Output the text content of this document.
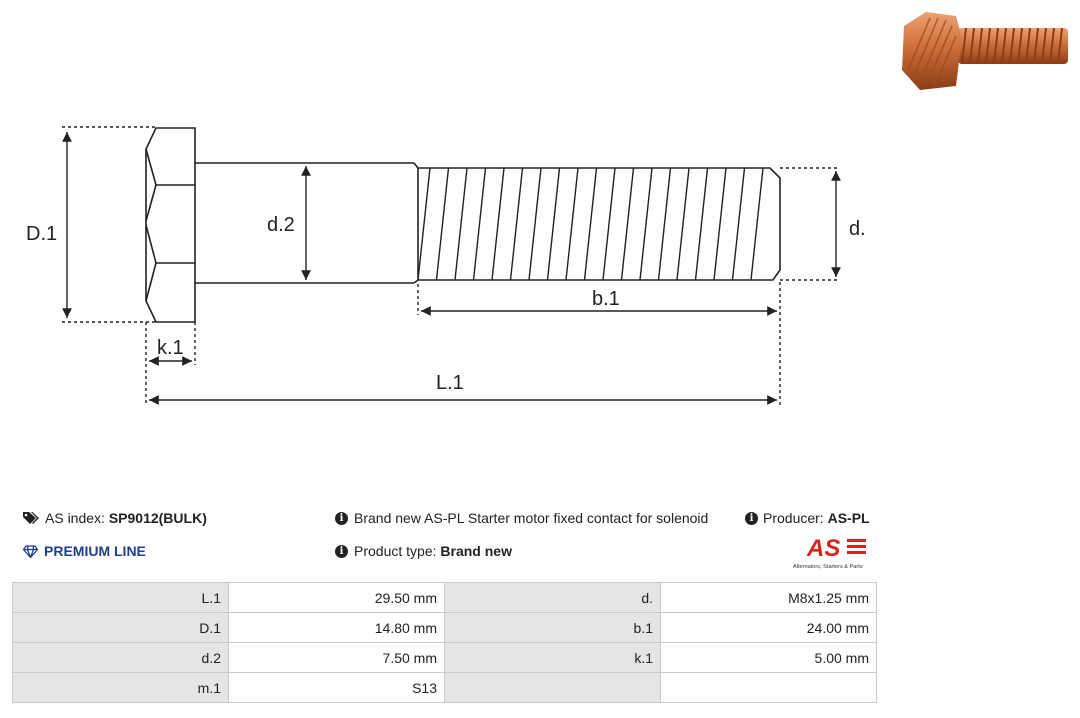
D.1	d.2	d.
b.1
k.1
L.1
AS index:
SP9012(BULK)	i Brand new AS-PL Starter motor fixed contact for solenoid	i Producer:
AS-PL
PREMIUM LINE	i Product type:
Brand new	AS
Alternators, Starters & Parts
L.1	29.50 mm	d.	M8x1.25 mm
D.1	14.80 mm	b.1	24.00 mm
d.2	7.50 mm	k.1	5.00 mm
m.1	S13		
